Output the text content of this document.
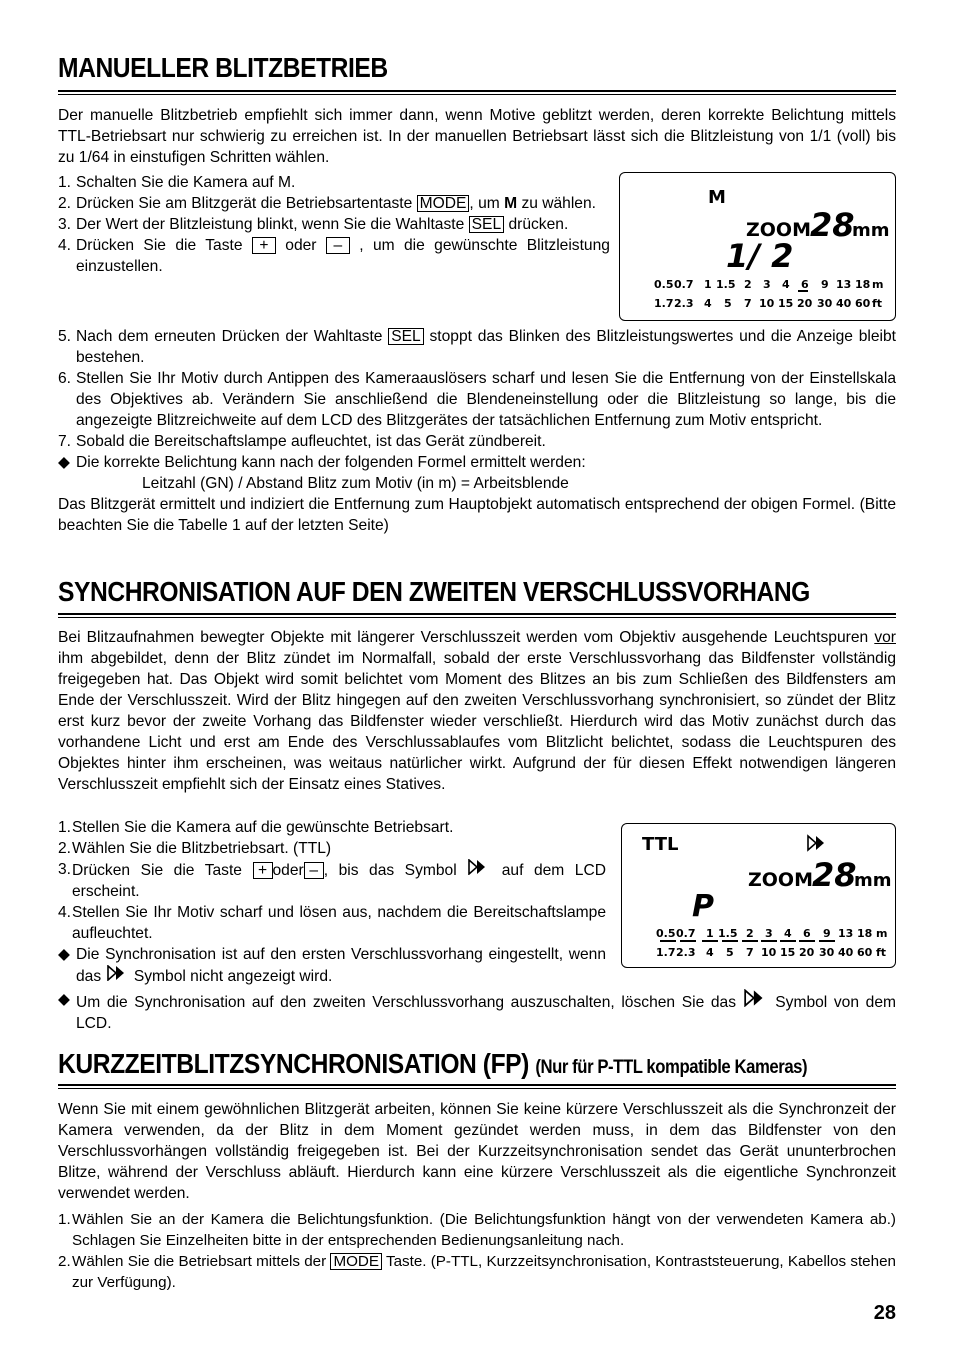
MANUELLER BLITZBETRIEB
Der manuelle Blitzbetrieb empfiehlt sich immer dann, wenn Motive geblitzt werden, deren korrekte Belichtung mittels TTL-Betriebsart nur schwierig zu erreichen ist. In der manuellen Betriebsart lässt sich die Blitzleistung von 1/1 (voll) bis zu 1/64 in einstufigen Schritten wählen.
1. Schalten Sie die Kamera auf M.
2. Drücken Sie am Blitzgerät die Betriebsartentaste MODE , um M zu wählen.
3. Der Wert der Blitzleistung blinkt, wenn Sie die Wahltaste SEL drücken.
4. Drücken Sie die Taste + oder – , um die gewünschte Blitzleistung einzustellen.
M
ZOOM 28
mm
1/ 2
0.5 0.7 1 1.5 2 3 4 6 9 13 18
1.7 2.3 4 5 7 10 15 20 30 40 60
m
ft
5. Nach dem erneuten Drücken der Wahltaste SEL stoppt das Blinken des Blitzleistungswertes und die Anzeige bleibt bestehen.
6. Stellen Sie Ihr Motiv durch Antippen des Kameraauslösers scharf und lesen Sie die Entfernung von der Einstellskala des Objektives ab. Verändern Sie anschließend die Blendeneinstellung oder die Blitzleistung so lange, bis die angezeigte Blitzreichweite auf dem LCD des Blitzgerätes der tatsächlichen Entfernung zum Motiv entspricht.
7. Sobald die Bereitschaftslampe aufleuchtet, ist das Gerät zündbereit.
◆ Die korrekte Belichtung kann nach der folgenden Formel ermittelt werden:
Leitzahl (GN) / Abstand Blitz zum Motiv (in m) = Arbeitsblende
Das Blitzgerät ermittelt und indiziert die Entfernung zum Hauptobjekt automatisch entsprechend der obigen Formel. (Bitte beachten Sie die Tabelle 1 auf der letzten Seite)
SYNCHRONISATION AUF DEN ZWEITEN VERSCHLUSSVORHANG
Bei Blitzaufnahmen bewegter Objekte mit längerer Verschlusszeit werden vom Objektiv ausgehende Leuchtspuren vor ihm abgebildet, denn der Blitz zündet im Normalfall, sobald der erste Verschlussvorhang das Bildfenster vollständig freigegeben hat. Das Objekt wird somit belichtet vom Moment des Blitzes an bis zum Schließen des Bildfensters am Ende der Verschlusszeit. Wird der Blitz hingegen auf den zweiten Verschlussvorhang synchronisiert, so zündet der Blitz erst kurz bevor der zweite Vorhang das Bildfenster wieder verschließt. Hierdurch wird das Motiv zunächst durch das vorhandene Licht und erst am Ende des Verschlussablaufes vom Blitzlicht belichtet, sodass die Leuchtspuren des Objektes hinter ihm erscheinen, was weitaus natürlicher wirkt. Aufgrund der für diesen Effekt notwendigen längeren Verschlusszeit empfiehlt sich der Einsatz eines Statives.
1. Stellen Sie die Kamera auf die gewünschte Betriebsart.
2. Wählen Sie die Blitzbetriebsart. (TTL)
3. Drücken Sie die Taste + oder – , bis das Symbol	auf dem LCD erscheint.
4. Stellen Sie Ihr Motiv scharf und lösen aus, nachdem die Bereitschaftslampe aufleuchtet.
◆ Die Synchronisation ist auf den ersten Verschlussvorhang eingestellt, wenn das Symbol nicht angezeigt wird.
TTL
ZOOM 28
mm
P
0.5 0.7 1 1.5 2 3 4 6 9 13 18
1.7 2.3 4 5 7 10 15 20 30 40 60
m
ft
◆ Um die Synchronisation auf den zweiten Verschlussvorhang auszuschalten, löschen Sie das	Symbol von dem LCD.
KURZZEITBLITZSYNCHRONISATION (FP) (Nur für P-TTL kompatible Kameras)
Wenn Sie mit einem gewöhnlichen Blitzgerät arbeiten, können Sie keine kürzere Verschlusszeit als die Synchronzeit der Kamera verwenden, da der Blitz in dem Moment gezündet werden muss, in dem das Bildfenster von den Verschlussvorhängen vollständig freigegeben ist. Bei der Kurzzeitsynchronisation sendet das Gerät ununterbrochen Blitze, während der Verschluss abläuft. Hierdurch kann eine kürzere Verschlusszeit als die eigentliche Synchronzeit verwendet werden.
1. Wählen Sie an der Kamera die Belichtungsfunktion. (Die Belichtungsfunktion hängt von der verwendeten Kamera ab.) Schlagen Sie Einzelheiten bitte in der entsprechenden Bedienungsanleitung nach.
2. Wählen Sie die Betriebsart mittels der MODE Taste. (P-TTL, Kurzzeitsynchronisation, Kontraststeuerung, Kabellos stehen zur Verfügung).
28
